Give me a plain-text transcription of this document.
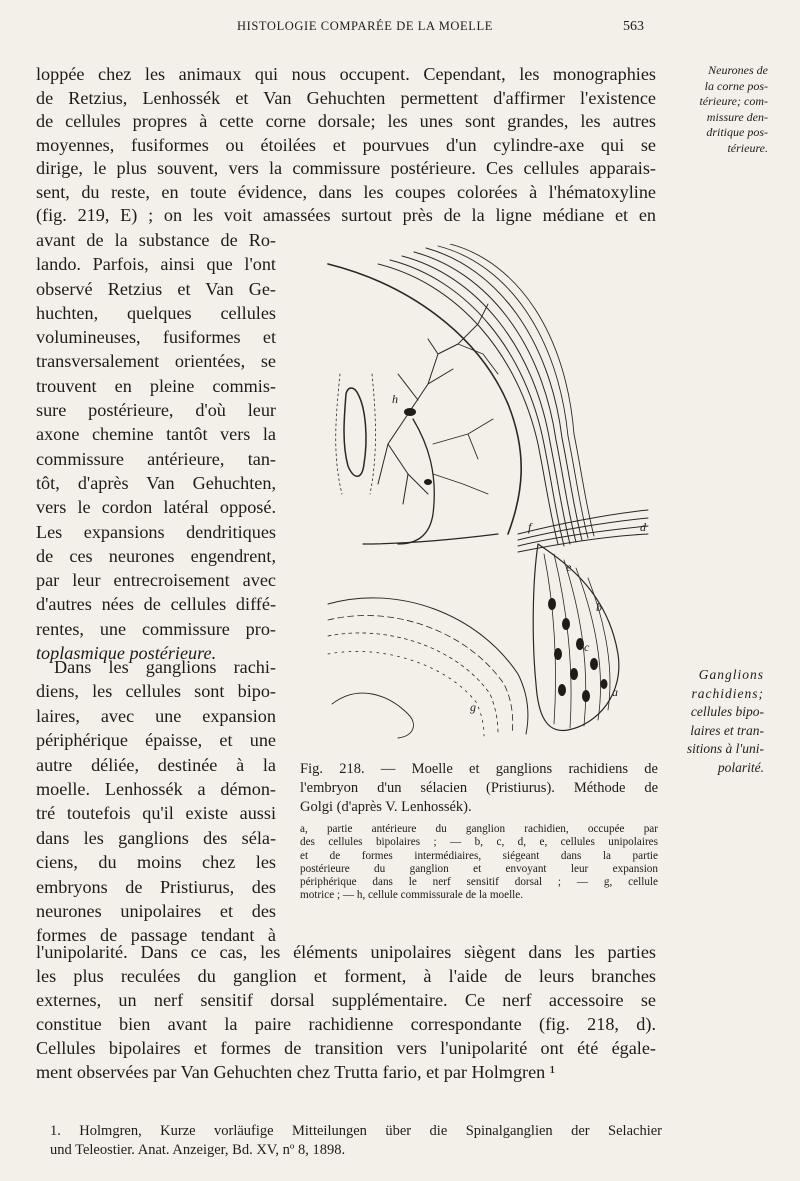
HISTOLOGIE COMPARÉE DE LA MOELLE	563
loppée chez les animaux qui nous occupent. Cependant, les monographies
de Retzius, Lenhossék et Van Gehuchten permettent d'affirmer l'existence
de cellules propres à cette corne dorsale; les unes sont grandes, les autres
moyennes, fusiformes ou étoilées et pourvues d'un cylindre-axe qui se
dirige, le plus souvent, vers la commissure postérieure. Ces cellules apparais-
sent, du reste, en toute évidence, dans les coupes colorées à l'hématoxyline
(fig. 219, E) ; on les voit amassées surtout près de la ligne médiane et en
avant de la substance de Ro-
lando. Parfois, ainsi que l'ont
observé Retzius et Van Ge-
huchten, quelques cellules
volumineuses, fusiformes et
transversalement orientées, se
trouvent en pleine commis-
sure postérieure, d'où leur
axone chemine tantôt vers la
commissure antérieure, tan-
tôt, d'après Van Gehuchten,
vers le cordon latéral opposé.
Les expansions dendritiques
de ces neurones engendrent,
par leur entrecroisement avec
d'autres nées de cellules diffé-
rentes, une commissure pro-
toplasmique postérieure.
Dans les ganglions rachi-
diens, les cellules sont bipo-
laires, avec une expansion
périphérique épaisse, et une
autre déliée, destinée à la
moelle. Lenhossék a démon-
tré toutefois qu'il existe aussi
dans les ganglions des séla-
ciens, du moins chez les
embryons de Pristiurus, des
neurones unipolaires et des
formes de passage tendant à
l'unipolarité. Dans ce cas, les éléments unipolaires siègent dans les parties
les plus reculées du ganglion et forment, à l'aide de leurs branches
externes, un nerf sensitif dorsal supplémentaire. Ce nerf accessoire se
constitue bien avant la paire rachidienne correspondante (fig. 218, d).
Cellules bipolaires et formes de transition vers l'unipolarité ont été égale-
ment observées par Van Gehuchten chez Trutta fario, et par Holmgren ¹
Neurones de
la corne pos-
térieure; com-
missure den-
dritique pos-
térieure.
Ganglions
rachidiens;
cellules bipo-
laires et tran-
sitions à l'uni-
polarité.
Fig. 218. — Moelle et ganglions rachidiens de
l'embryon d'un sélacien (Pristiurus). Méthode de
Golgi (d'après V. Lenhossék).
a, partie antérieure du ganglion rachidien, occupée par
des cellules bipolaires ; — b, c, d, e, cellules unipolaires
et de formes intermédiaires, siégeant dans la partie
postérieure du ganglion et envoyant leur expansion
périphérique dans le nerf sensitif dorsal ; — g, cellule
motrice ; — h, cellule commissurale de la moelle.
a
b
c
d
e
f
g
h
1. Holmgren, Kurze vorläufige Mitteilungen über die Spinalganglien der Selachier
und Teleostier. Anat. Anzeiger, Bd. XV, nº 8, 1898.
